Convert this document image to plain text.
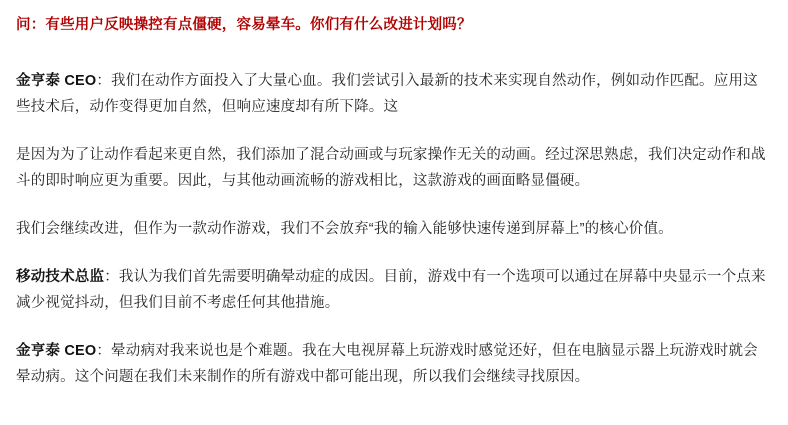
问：有些用户反映操控有点僵硬，容易晕车。你们有什么改进计划吗？

金亨泰 CEO：我们在动作方面投入了大量心血。我们尝试引入最新的技术来实现自然动作，例如动作匹配。应用这些技术后，动作变得更加自然，但响应速度却有所下降。这

是因为为了让动作看起来更自然，我们添加了混合动画或与玩家操作无关的动画。经过深思熟虑，我们决定动作和战斗的即时响应更为重要。因此，与其他动画流畅的游戏相比，这款游戏的画面略显僵硬。

我们会继续改进，但作为一款动作游戏，我们不会放弃“我的输入能够快速传递到屏幕上”的核心价值。

移动技术总监：我认为我们首先需要明确晕动症的成因。目前，游戏中有一个选项可以通过在屏幕中央显示一个点来减少视觉抖动，但我们目前不考虑任何其他措施。

金亨泰 CEO：晕动病对我来说也是个难题。我在大电视屏幕上玩游戏时感觉还好，但在电脑显示器上玩游戏时就会晕动病。这个问题在我们未来制作的所有游戏中都可能出现，所以我们会继续寻找原因。
